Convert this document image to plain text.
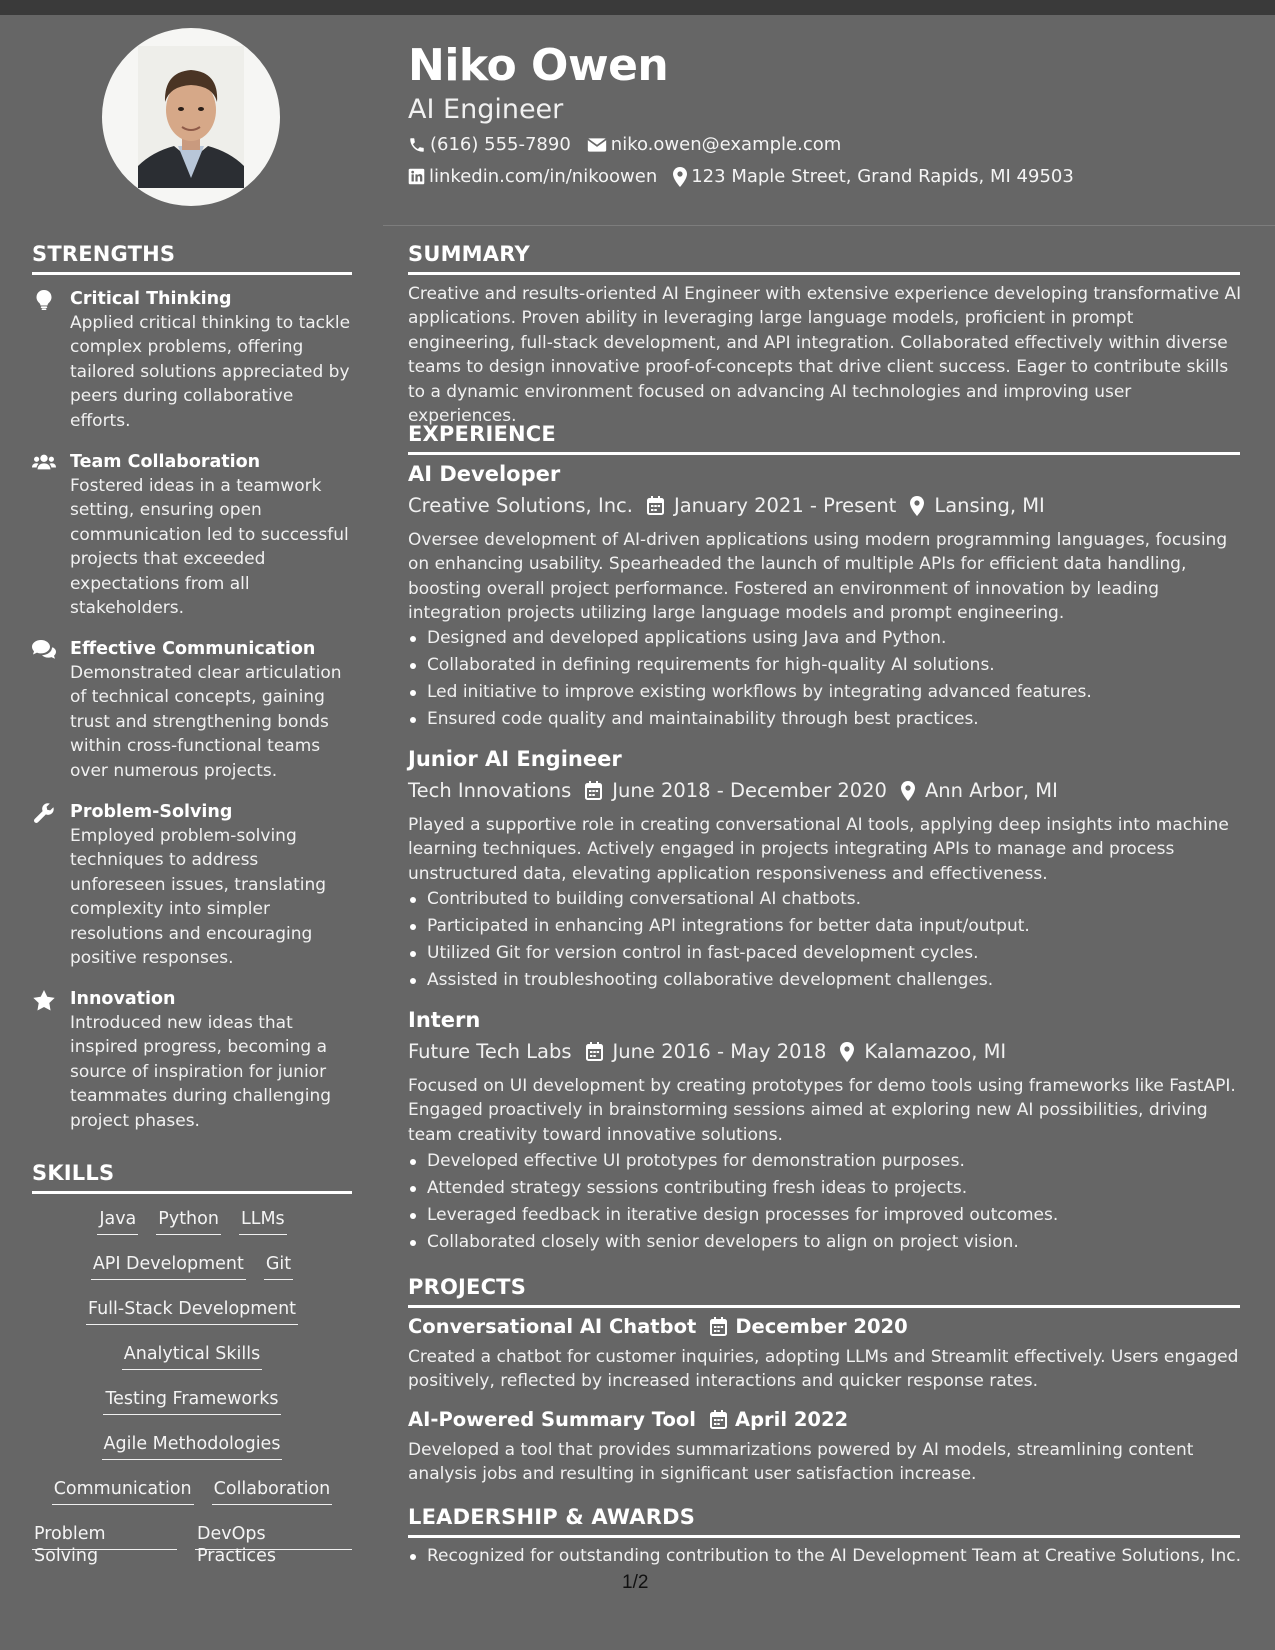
Niko Owen
AI Engineer
(616) 555-7890 niko.owen@example.com
linkedin.com/in/nikoowen 123 Maple Street, Grand Rapids, MI 49503
STRENGTHS
Critical Thinking
Applied critical thinking to tackle complex problems, offering tailored solutions appreciated by peers during collaborative efforts.
Team Collaboration
Fostered ideas in a teamwork setting, ensuring open communication led to successful projects that exceeded expectations from all stakeholders.
Effective Communication
Demonstrated clear articulation of technical concepts, gaining trust and strengthening bonds within cross-functional teams over numerous projects.
Problem-Solving
Employed problem-solving techniques to address unforeseen issues, translating complexity into simpler resolutions and encouraging positive responses.
Innovation
Introduced new ideas that inspired progress, becoming a source of inspiration for junior teammates during challenging project phases.
SKILLS
Java Python LLMs
API Development Git
Full-Stack Development
Analytical Skills
Testing Frameworks
Agile Methodologies
Communication Collaboration
Problem Solving
DevOps Practices
SUMMARY
Creative and results-oriented AI Engineer with extensive experience developing transformative AI applications. Proven ability in leveraging large language models, proficient in prompt engineering, full-stack development, and API integration. Collaborated effectively within diverse teams to design innovative proof-of-concepts that drive client success. Eager to contribute skills to a dynamic environment focused on advancing AI technologies and improving user experiences.
EXPERIENCE
AI Developer
Creative Solutions, Inc. January 2021 - Present Lansing, MI
Oversee development of AI-driven applications using modern programming languages, focusing on enhancing usability. Spearheaded the launch of multiple APIs for efficient data handling, boosting overall project performance. Fostered an environment of innovation by leading integration projects utilizing large language models and prompt engineering.
Designed and developed applications using Java and Python.
Collaborated in defining requirements for high-quality AI solutions.
Led initiative to improve existing workflows by integrating advanced features.
Ensured code quality and maintainability through best practices.
Junior AI Engineer
Tech Innovations June 2018 - December 2020 Ann Arbor, MI
Played a supportive role in creating conversational AI tools, applying deep insights into machine learning techniques. Actively engaged in projects integrating APIs to manage and process unstructured data, elevating application responsiveness and effectiveness.
Contributed to building conversational AI chatbots.
Participated in enhancing API integrations for better data input/output.
Utilized Git for version control in fast-paced development cycles.
Assisted in troubleshooting collaborative development challenges.
Intern
Future Tech Labs June 2016 - May 2018 Kalamazoo, MI
Focused on UI development by creating prototypes for demo tools using frameworks like FastAPI. Engaged proactively in brainstorming sessions aimed at exploring new AI possibilities, driving team creativity toward innovative solutions.
Developed effective UI prototypes for demonstration purposes.
Attended strategy sessions contributing fresh ideas to projects.
Leveraged feedback in iterative design processes for improved outcomes.
Collaborated closely with senior developers to align on project vision.
PROJECTS
Conversational AI Chatbot December 2020
Created a chatbot for customer inquiries, adopting LLMs and Streamlit effectively. Users engaged positively, reflected by increased interactions and quicker response rates.
AI-Powered Summary Tool April 2022
Developed a tool that provides summarizations powered by AI models, streamlining content analysis jobs and resulting in significant user satisfaction increase.
LEADERSHIP & AWARDS
Recognized for outstanding contribution to the AI Development Team at Creative Solutions, Inc.
1/2
